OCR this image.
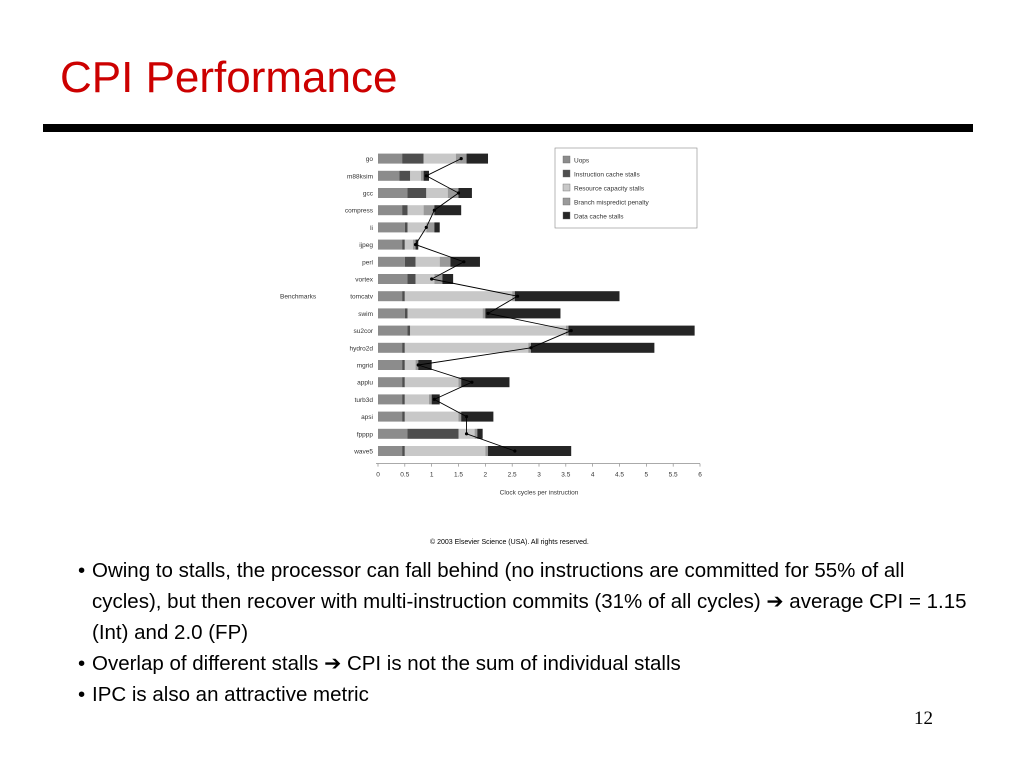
CPI Performance
go
m88ksim
gcc
compress
li
ijpeg
perl
vortex
tomcatv
swim
su2cor
hydro2d
mgrid
applu
turb3d
apsi
fpppp
wave5
Benchmarks
0	0.5	1	1.5	2	2.5	3	3.5	4	4.5	5	5.5	6
Clock cycles per instruction
Uops
Instruction cache stalls
Resource capacity stalls
Branch mispredict penalty
Data cache stalls
© 2003 Elsevier Science (USA). All rights reserved.
• Owing to stalls, the processor can fall behind (no instructions are committed for 55% of all cycles), but then recover with multi-instruction commits (31% of all cycles) ➔ average CPI = 1.15 (Int) and 2.0 (FP)
• Overlap of different stalls ➔ CPI is not the sum of individual stalls
• IPC is also an attractive metric
12
